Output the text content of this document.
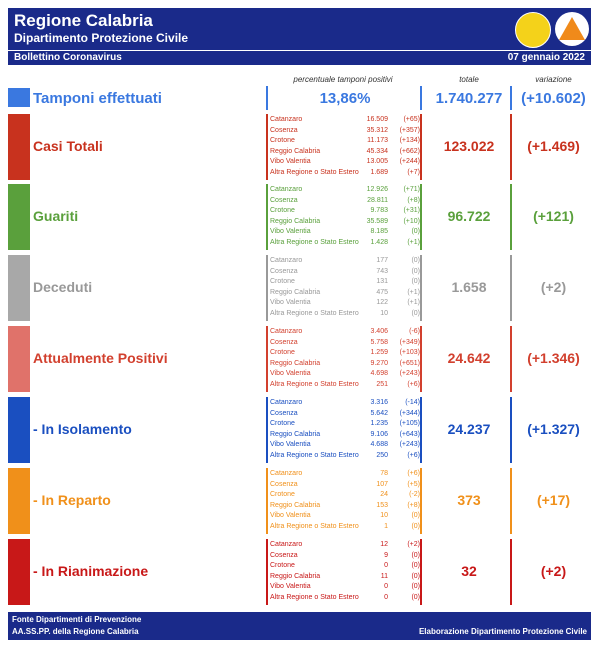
Regione Calabria
Dipartimento Protezione Civile
Bollettino Coronavirus	07 gennaio 2022
percentuale tamponi positivi	totale	variazione
Tamponi effettuati	13,86%	1.740.277	(+10.602)
Casi Totali
Catanzaro	16.509 (+65)
Cosenza	35.312 (+357)
Crotone	11.173 (+134)
Reggio Calabria	45.334 (+662)
Vibo Valentia	13.005 (+244)
Altra Regione o Stato Estero 1.689	(+7)
123.022	(+1.469)
Guariti
Catanzaro	12.926 (+71)
Cosenza	28.811	(+8)
Crotone	9.783 (+31)
Reggio Calabria	35.589 (+10)
Vibo Valentia	8.185	(0)
Altra Regione o Stato Estero 1.428	(+1)
96.722	(+121)
Deceduti
Catanzaro	177	(0)
Cosenza	743	(0)
Crotone	131	(0)
Reggio Calabria	475	(+1)
Vibo Valentia	122	(+1)
Altra Regione o Stato Estero	10	(0)
1.658	(+2)
Attualmente Positivi
Catanzaro	3.406	(-6)
Cosenza	5.758 (+349)
Crotone	1.259 (+103)
Reggio Calabria	9.270 (+651)
Vibo Valentia	4.698 (+243)
Altra Regione o Stato Estero	251	(+6)
24.642	(+1.346)
- In Isolamento
Catanzaro	3.316 (-14)
Cosenza	5.642 (+344)
Crotone	1.235 (+105)
Reggio Calabria	9.106 (+643)
Vibo Valentia	4.688 (+243)
Altra Regione o Stato Estero	250	(+6)
24.237	(+1.327)
- In Reparto
Catanzaro	78	(+6)
Cosenza	107	(+5)
Crotone	24	(-2)
Reggio Calabria	153	(+8)
Vibo Valentia	10	(0)
Altra Regione o Stato Estero	1	(0)
373	(+17)
- In Rianimazione
Catanzaro	12	(+2)
Cosenza	9	(0)
Crotone	0	(0)
Reggio Calabria	11	(0)
Vibo Valentia	0	(0)
Altra Regione o Stato Estero	0	(0)
32	(+2)
Fonte Dipartimenti di Prevenzione
AA.SS.PP. della Regione Calabria	Elaborazione Dipartimento Protezione Civile
